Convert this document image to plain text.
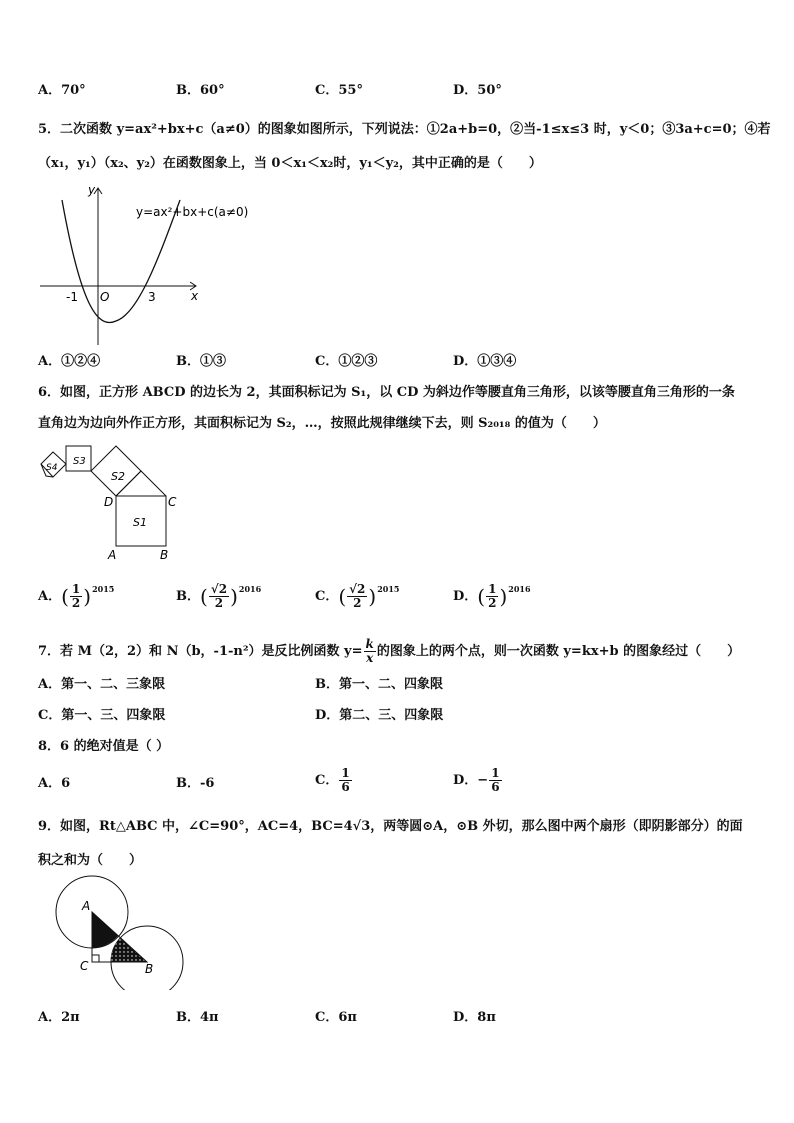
A．70°	B．60°	C．55°	D．50°
5．二次函数 y=ax²+bx+c（a≠0）的图象如图所示，下列说法：①2a+b=0，②当-1≤x≤3 时，y＜0；③3a+c=0；④若
（x₁，y₁）（x₂、y₂）在函数图象上，当 0＜x₁＜x₂时，y₁＜y₂，其中正确的是（　　）
y
x
O
-1	3
y=ax²+bx+c(a≠0)
A．①②④	B．①③	C．①②③	D．①③④
6．如图，正方形 ABCD 的边长为 2，其面积标记为 S₁，以 CD 为斜边作等腰直角三角形，以该等腰直角三角形的一条
直角边为边向外作正方形，其面积标记为 S₂，…，按照此规律继续下去，则 S₂₀₁₈ 的值为（　　）
S1
S2
S3
S4
D	C
A	B
A．( $\frac{1}{2} )^{2015}$	B．( $\frac{√2}{2} )^{2016}$	C．( $\frac{√2}{2} )^{2015}$	D．( $\frac{1}{2} )^{2016}$
7．若 M（2，2）和 N（b，-1-n²）是反比例函数 $y= \frac{k}{x}$ 的图象上的两个点，则一次函数 y=kx+b 的图象经过（　　）
A．第一、二、三象限	B．第一、二、四象限
C．第一、三、四象限	D．第二、三、四象限
8．6 的绝对值是（ ）
A．6	B．-6	C． $\frac{1}{6}$	D．− $\frac{1}{6}$
9．如图，Rt△ABC 中，∠C=90°，AC=4，BC=4√3，两等圆⊙A，⊙B 外切，那么图中两个扇形（即阴影部分）的面
积之和为（　　）
A
C	B
A．2π	B．4π	C．6π	D．8π
